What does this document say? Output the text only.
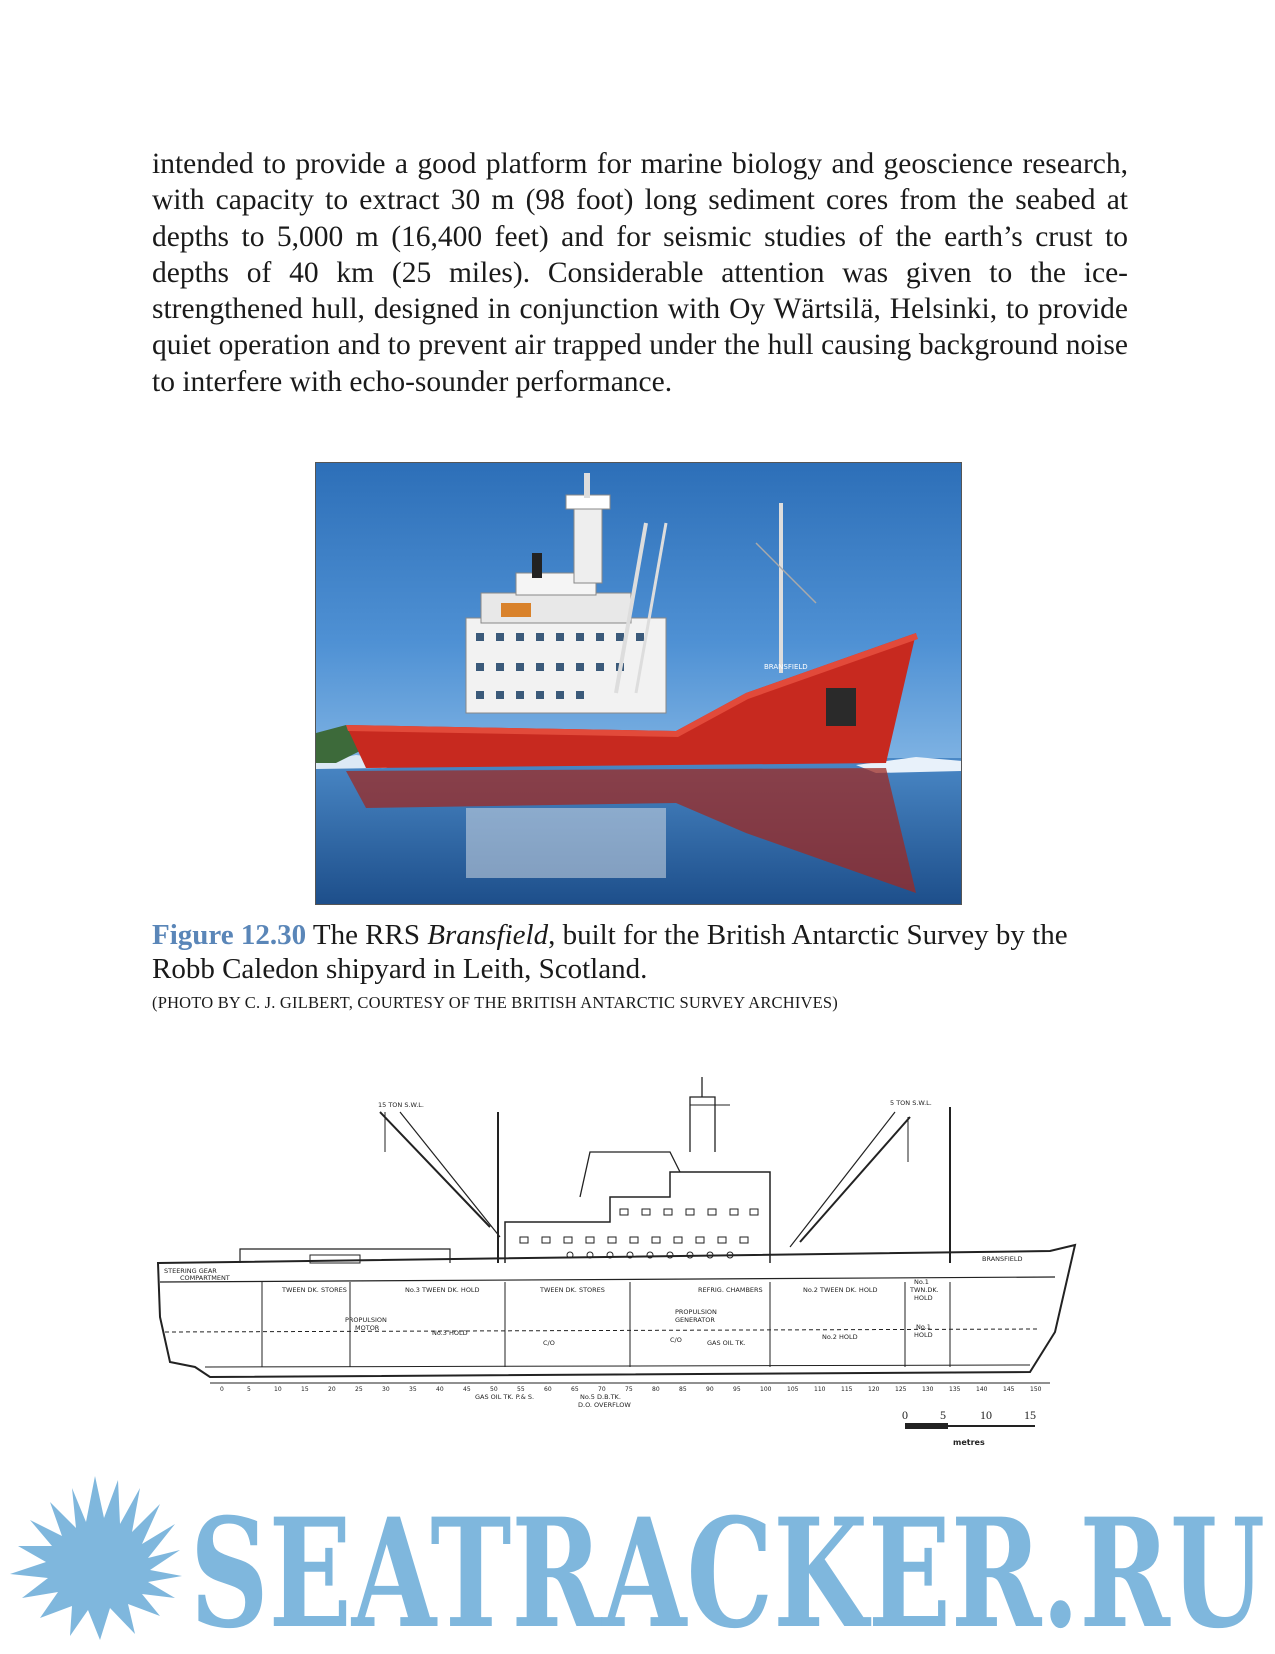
intended to provide a good platform for marine biology and geoscience research, with capacity to extract 30 m (98 foot) long sediment cores from the seabed at depths to 5,000 m (16,400 feet) and for seismic studies of the earth’s crust to depths of 40 km (25 miles). Considerable attention was given to the ice-strengthened hull, designed in conjunction with Oy Wärtsilä, Helsinki, to provide quiet operation and to prevent air trapped under the hull causing background noise to interfere with echo-sounder performance.

BRANSFIELD

Figure 12.30 The RRS Bransfield, built for the British Antarctic Survey by the Robb Caledon shipyard in Leith, Scotland.

(PHOTO BY C. J. GILBERT, COURTESY OF THE BRITISH ANTARCTIC SURVEY ARCHIVES)
15 TON S.W.L.	5 TON S.W.L.
BRANSFIELD
STEERING GEAR
COMPARTMENT
TWEEN DK. STORES	No.3 TWEEN DK. HOLD	TWEEN DK. STORES	REFRIG. CHAMBERS	No.2 TWEEN DK. HOLD
No.1
TWN.DK.
HOLD
PROPULSION
MOTOR
No.3 HOLD
PROPULSION
GENERATOR
GAS OIL TK.
No.2 HOLD
No.1
HOLD
C/O	C/O
GAS OIL TK. P.& S.	No.5 D.B.TK.
D.O. OVERFLOW
0	5	10	15	20	25	30	35	40	45	50	55	60	65	70	75	80	85	90	95	100	105	110	115	120	125	130	135	140	145	150
0	5	10	15
metres
SEATRACKER.RU
